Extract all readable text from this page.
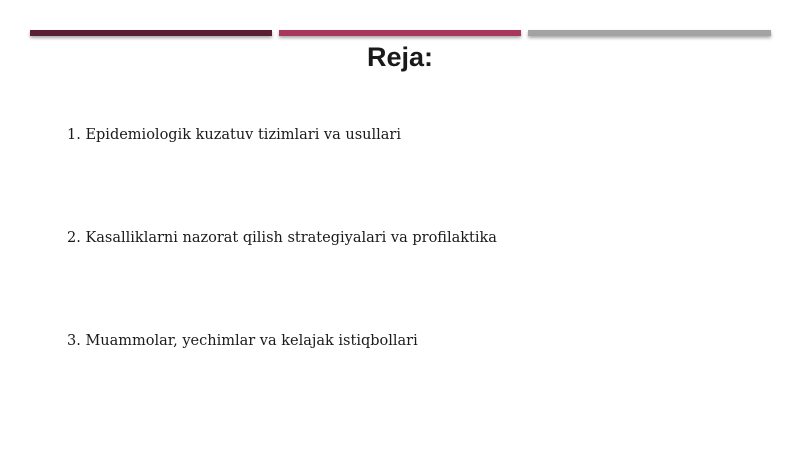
Reja:
1. Epidemiologik kuzatuv tizimlari va usullari
2. Kasalliklarni nazorat qilish strategiyalari va profilaktika
3. Muammolar, yechimlar va kelajak istiqbollari
